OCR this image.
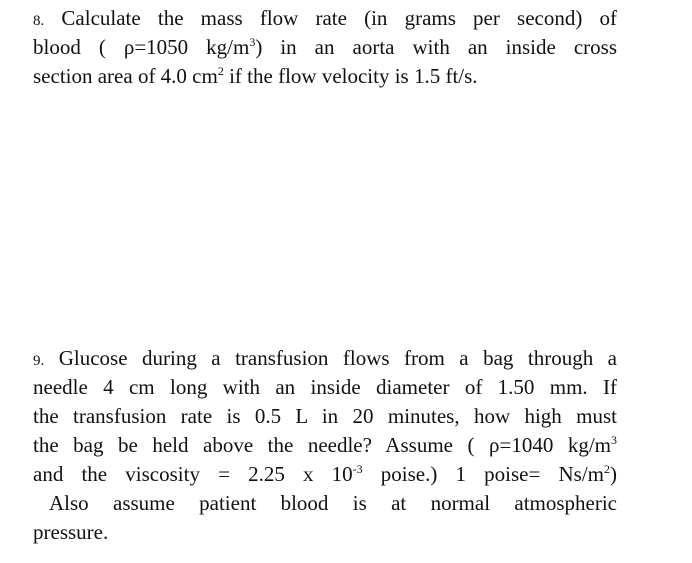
8. Calculate the mass flow rate (in grams per second) of
blood ( ρ=1050 $kg/m^3$) in an aorta with an inside cross
section area of 4.0 $cm^2$ if the flow velocity is 1.5 ft/s.
9. Glucose during a transfusion flows from a bag through a
needle 4 cm long with an inside diameter of 1.50 mm. If
the transfusion rate is 0.5 L in 20 minutes, how high must
the bag be held above the needle? Assume ( ρ=1040 $kg/m^3$
and the viscosity = 2.25 x $10^{-3}$ poise.) 1 poise= $Ns/m^2$)
Also assume patient blood is at normal atmospheric
pressure.
